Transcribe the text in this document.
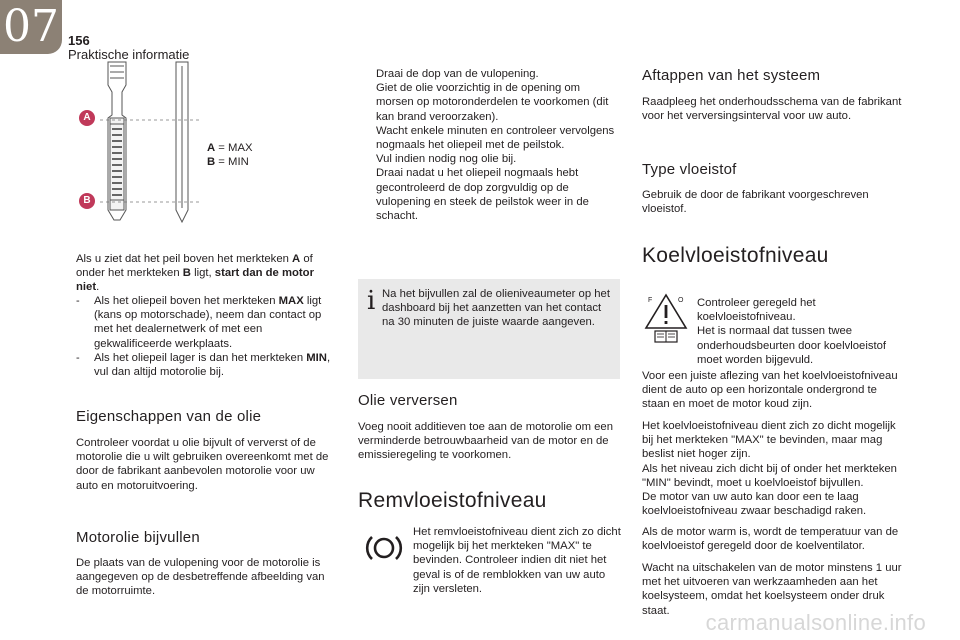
07 156
Praktische informatie
A
B
A = MAX
B = MIN
Als u ziet dat het peil boven het merkteken A of onder het merkteken B ligt, start dan de motor niet.
- Als het oliepeil boven het merkteken MAX ligt (kans op motorschade), neem dan contact op met het dealernetwerk of met een gekwalificeerde werkplaats.
- Als het oliepeil lager is dan het merkteken MIN, vul dan altijd motorolie bij.
Eigenschappen van de olie
Controleer voordat u olie bijvult of ververst of de motorolie die u wilt gebruiken overeenkomt met de door de fabrikant aanbevolen motorolie voor uw auto en motoruitvoering.
Motorolie bijvullen
De plaats van de vulopening voor de motorolie is aangegeven op de desbetreffende afbeelding van de motorruimte.
Draai de dop van de vulopening.
Giet de olie voorzichtig in de opening om morsen op motoronderdelen te voorkomen (dit kan brand veroorzaken).
Wacht enkele minuten en controleer vervolgens nogmaals het oliepeil met de peilstok.
Vul indien nodig nog olie bij.
Draai nadat u het oliepeil nogmaals hebt gecontroleerd de dop zorgvuldig op de vulopening en steek de peilstok weer in de schacht.
i Na het bijvullen zal de olieniveaumeter op het dashboard bij het aanzetten van het contact na 30 minuten de juiste waarde aangeven.
Olie verversen
Voeg nooit additieven toe aan de motorolie om een verminderde betrouwbaarheid van de motor en de emissieregeling te voorkomen.
Remvloeistofniveau
Het remvloeistofniveau dient zich zo dicht mogelijk bij het merkteken "MAX" te bevinden. Controleer indien dit niet het geval is of de remblokken van uw auto zijn versleten.
Aftappen van het systeem
Raadpleeg het onderhoudsschema van de fabrikant voor het verversingsinterval voor uw auto.
Type vloeistof
Gebruik de door de fabrikant voorgeschreven vloeistof.
Koelvloeistofniveau
F	O Controleer geregeld het koelvloeistofniveau.
Het is normaal dat tussen twee onderhoudsbeurten door koelvloeistof moet worden bijgevuld.
Voor een juiste aflezing van het koelvloeistofniveau dient de auto op een horizontale ondergrond te staan en moet de motor koud zijn.
Het koelvloeistofniveau dient zich zo dicht mogelijk bij het merkteken "MAX" te bevinden, maar mag beslist niet hoger zijn.
Als het niveau zich dicht bij of onder het merkteken "MIN" bevindt, moet u koelvloeistof bijvullen.
De motor van uw auto kan door een te laag koelvloeistofniveau zwaar beschadigd raken.
Als de motor warm is, wordt de temperatuur van de koelvloeistof geregeld door de koelventilator.
Wacht na uitschakelen van de motor minstens 1 uur met het uitvoeren van werkzaamheden aan het koelsysteem, omdat het koelsysteem onder druk staat.	carmanualsonline.info
